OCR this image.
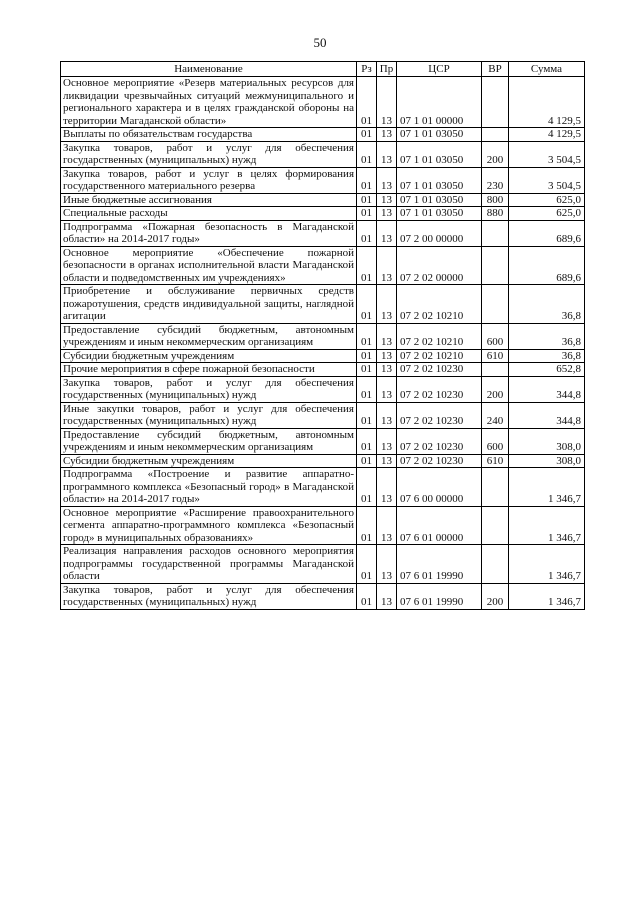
50
Наименование	Рз	Пр	ЦСР	ВР	Сумма
Основное мероприятие «Резерв материальных ресурсов для ликвидации чрезвычайных ситуаций межмуниципального и регионального характера и в целях гражданской обороны на территории Магаданской области»	01	13	07 1 01 00000		4 129,5
Выплаты по обязательствам государства	01	13	07 1 01 03050		4 129,5
Закупка товаров, работ и услуг для обеспечения государственных (муниципальных) нужд	01	13	07 1 01 03050	200	3 504,5
Закупка товаров, работ и услуг в целях формирования государственного материального резерва	01	13	07 1 01 03050	230	3 504,5
Иные бюджетные ассигнования	01	13	07 1 01 03050	800	625,0
Специальные расходы	01	13	07 1 01 03050	880	625,0
Подпрограмма «Пожарная безопасность в Магаданской области» на 2014-2017 годы»	01	13	07 2 00 00000		689,6
Основное мероприятие «Обеспечение пожарной безопасности в органах исполнительной власти Магаданской области и подведомственных им учреждениях»	01	13	07 2 02 00000		689,6
Приобретение и обслуживание первичных средств пожаротушения, средств индивидуальной защиты, наглядной агитации	01	13	07 2 02 10210		36,8
Предоставление субсидий бюджетным, автономным учреждениям и иным некоммерческим организациям	01	13	07 2 02 10210	600	36,8
Субсидии бюджетным учреждениям	01	13	07 2 02 10210	610	36,8
Прочие мероприятия в сфере пожарной безопасности	01	13	07 2 02 10230		652,8
Закупка товаров, работ и услуг для обеспечения государственных (муниципальных) нужд	01	13	07 2 02 10230	200	344,8
Иные закупки товаров, работ и услуг для обеспечения государственных (муниципальных) нужд	01	13	07 2 02 10230	240	344,8
Предоставление субсидий бюджетным, автономным учреждениям и иным некоммерческим организациям	01	13	07 2 02 10230	600	308,0
Субсидии бюджетным учреждениям	01	13	07 2 02 10230	610	308,0
Подпрограмма «Построение и развитие аппаратно-программного комплекса «Безопасный город» в Магаданской области» на 2014-2017 годы»	01	13	07 6 00 00000		1 346,7
Основное мероприятие «Расширение правоохранительного сегмента аппаратно-программного комплекса «Безопасный город» в муниципальных образованиях»	01	13	07 6 01 00000		1 346,7
Реализация направления расходов основного мероприятия подпрограммы государственной программы Магаданской области	01	13	07 6 01 19990		1 346,7
Закупка товаров, работ и услуг для обеспечения государственных (муниципальных) нужд	01	13	07 6 01 19990	200	1 346,7
